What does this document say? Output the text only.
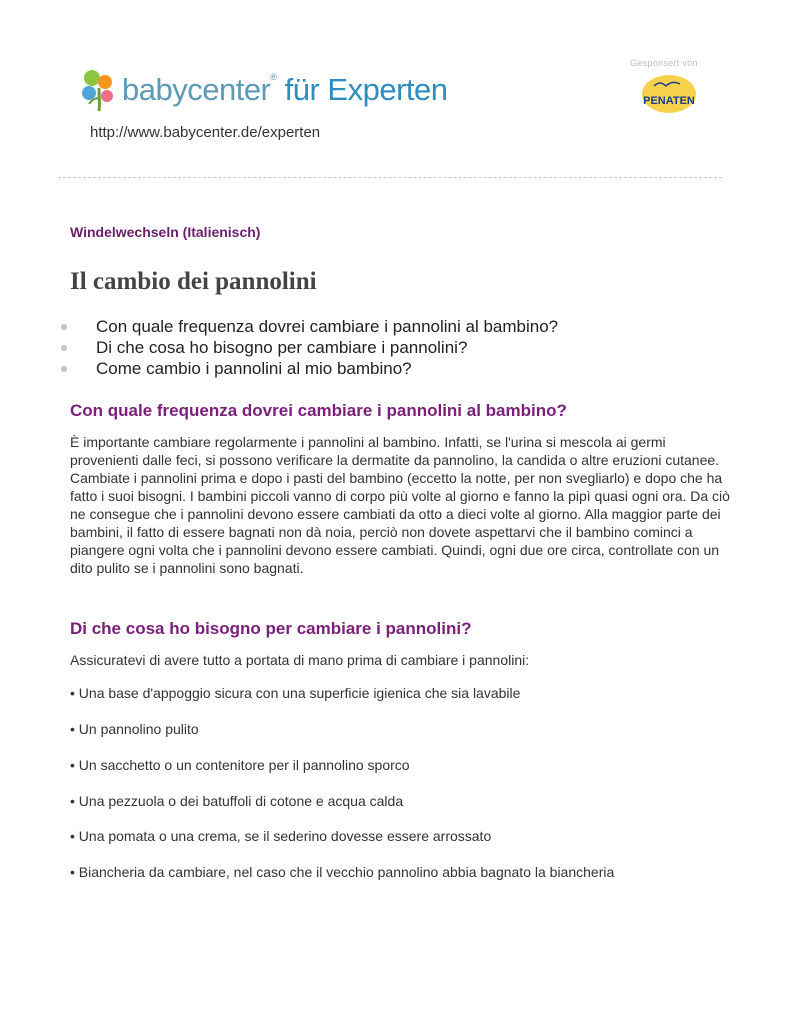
babycenter® für Experten
http://www.babycenter.de/experten
Gesponsert von
PENATEN
Windelwechseln (Italienisch)
Il cambio dei pannolini
Con quale frequenza dovrei cambiare i pannolini al bambino?
Di che cosa ho bisogno per cambiare i pannolini?
Come cambio i pannolini al mio bambino?
Con quale frequenza dovrei cambiare i pannolini al bambino?
È importante cambiare regolarmente i pannolini al bambino. Infatti, se l'urina si mescola ai germi provenienti dalle feci, si possono verificare la dermatite da pannolino, la candida o altre eruzioni cutanee. Cambiate i pannolini prima e dopo i pasti del bambino (eccetto la notte, per non svegliarlo) e dopo che ha fatto i suoi bisogni. I bambini piccoli vanno di corpo più volte al giorno e fanno la pipì quasi ogni ora. Da ciò ne consegue che i pannolini devono essere cambiati da otto a dieci volte al giorno. Alla maggior parte dei bambini, il fatto di essere bagnati non dà noia, perciò non dovete aspettarvi che il bambino cominci a piangere ogni volta che i pannolini devono essere cambiati. Quindi, ogni due ore circa, controllate con un dito pulito se i pannolini sono bagnati.
Di che cosa ho bisogno per cambiare i pannolini?
Assicuratevi di avere tutto a portata di mano prima di cambiare i pannolini:
• Una base d'appoggio sicura con una superficie igienica che sia lavabile
• Un pannolino pulito
• Un sacchetto o un contenitore per il pannolino sporco
• Una pezzuola o dei batuffoli di cotone e acqua calda
• Una pomata o una crema, se il sederino dovesse essere arrossato
• Biancheria da cambiare, nel caso che il vecchio pannolino abbia bagnato la biancheria
